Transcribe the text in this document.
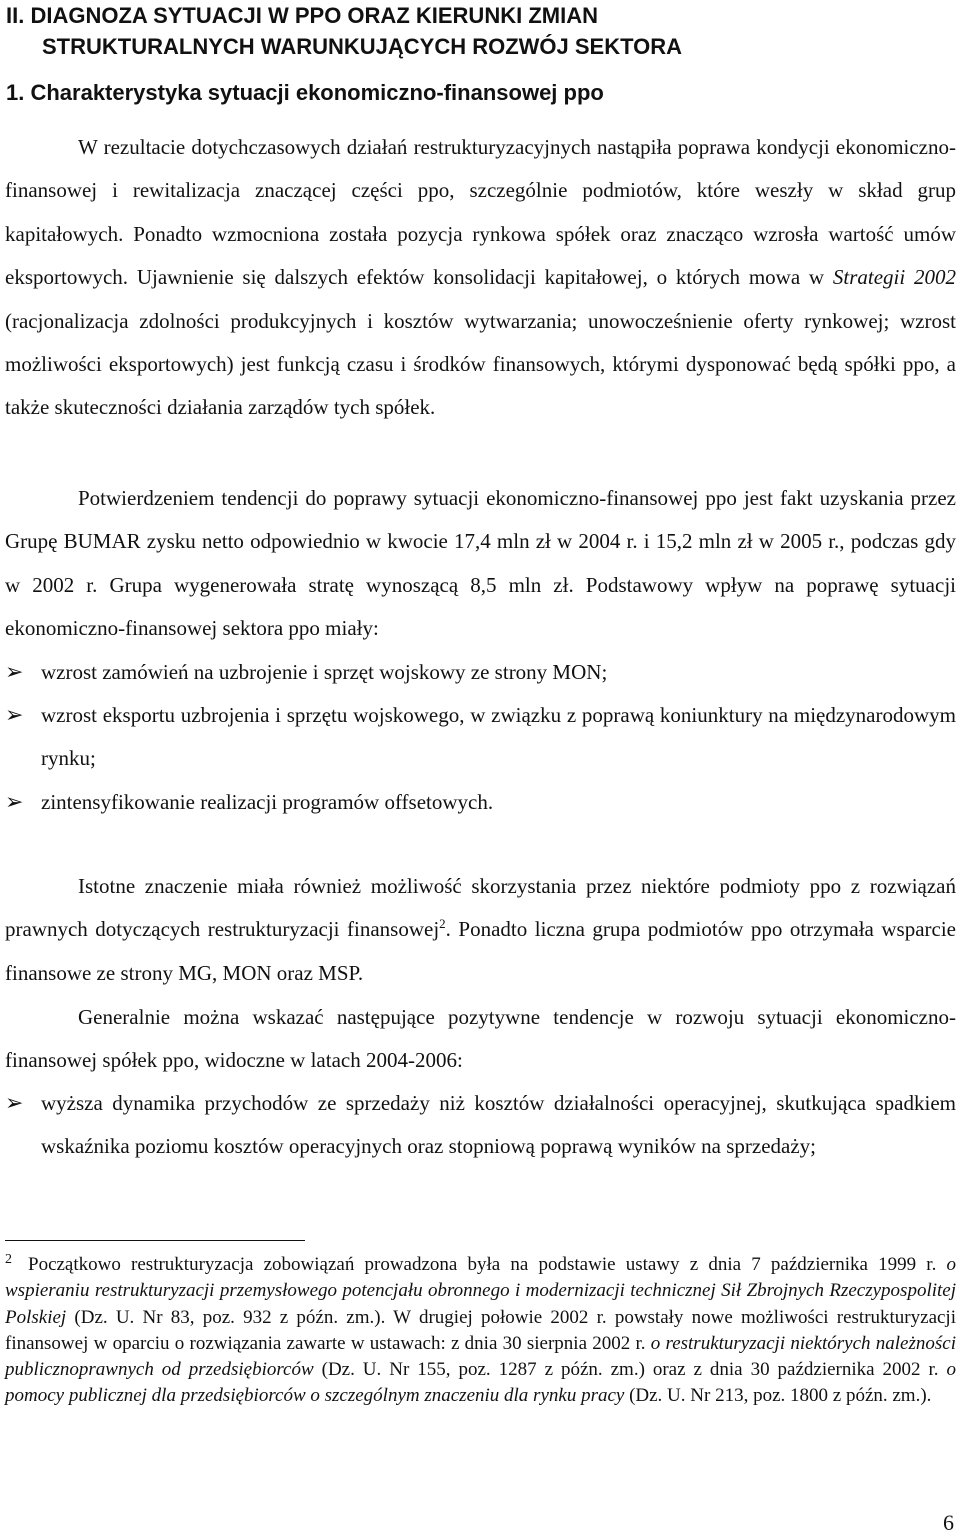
II. DIAGNOZA SYTUACJI W PPO ORAZ KIERUNKI ZMIAN
STRUKTURALNYCH WARUNKUJĄCYCH ROZWÓJ SEKTORA
1. Charakterystyka sytuacji ekonomiczno-finansowej ppo

W rezultacie dotychczasowych działań restrukturyzacyjnych nastąpiła poprawa kondycji ekonomiczno-finansowej i rewitalizacja znaczącej części ppo, szczególnie podmiotów, które weszły w skład grup kapitałowych. Ponadto wzmocniona została pozycja rynkowa spółek oraz znacząco wzrosła wartość umów eksportowych. Ujawnienie się dalszych efektów konsolidacji kapitałowej, o których mowa w Strategii 2002 (racjonalizacja zdolności produkcyjnych i kosztów wytwarzania; unowocześnienie oferty rynkowej; wzrost możliwości eksportowych) jest funkcją czasu i środków finansowych, którymi dysponować będą spółki ppo, a także skuteczności działania zarządów tych spółek.

Potwierdzeniem tendencji do poprawy sytuacji ekonomiczno-finansowej ppo jest fakt uzyskania przez Grupę BUMAR zysku netto odpowiednio w kwocie 17,4 mln zł w 2004 r. i 15,2 mln zł w 2005 r., podczas gdy w 2002 r. Grupa wygenerowała stratę wynoszącą 8,5 mln zł. Podstawowy wpływ na poprawę sytuacji ekonomiczno-finansowej sektora ppo miały:

➢ wzrost zamówień na uzbrojenie i sprzęt wojskowy ze strony MON;
➢ wzrost eksportu uzbrojenia i sprzętu wojskowego, w związku z poprawą koniunktury na międzynarodowym rynku;
➢ zintensyfikowanie realizacji programów offsetowych.

Istotne znaczenie miała również możliwość skorzystania przez niektóre podmioty ppo z rozwiązań prawnych dotyczących restrukturyzacji finansowej$^2$. Ponadto liczna grupa podmiotów ppo otrzymała wsparcie finansowe ze strony MG, MON oraz MSP.

Generalnie można wskazać następujące pozytywne tendencje w rozwoju sytuacji ekonomiczno-finansowej spółek ppo, widoczne w latach 2004-2006:

➢ wyższa dynamika przychodów ze sprzedaży niż kosztów działalności operacyjnej, skutkująca spadkiem wskaźnika poziomu kosztów operacyjnych oraz stopniową poprawą wyników na sprzedaży;
$^2$ Początkowo restrukturyzacja zobowiązań prowadzona była na podstawie ustawy z dnia 7 października 1999 r. o wspieraniu restrukturyzacji przemysłowego potencjału obronnego i modernizacji technicznej Sił Zbrojnych Rzeczypospolitej Polskiej (Dz. U. Nr 83, poz. 932 z późn. zm.). W drugiej połowie 2002 r. powstały nowe możliwości restrukturyzacji finansowej w oparciu o rozwiązania zawarte w ustawach: z dnia 30 sierpnia 2002 r. o restrukturyzacji niektórych należności publicznoprawnych od przedsiębiorców (Dz. U. Nr 155, poz. 1287 z późn. zm.) oraz z dnia 30 października 2002 r. o pomocy publicznej dla przedsiębiorców o szczególnym znaczeniu dla rynku pracy (Dz. U. Nr 213, poz. 1800 z późn. zm.).
6
